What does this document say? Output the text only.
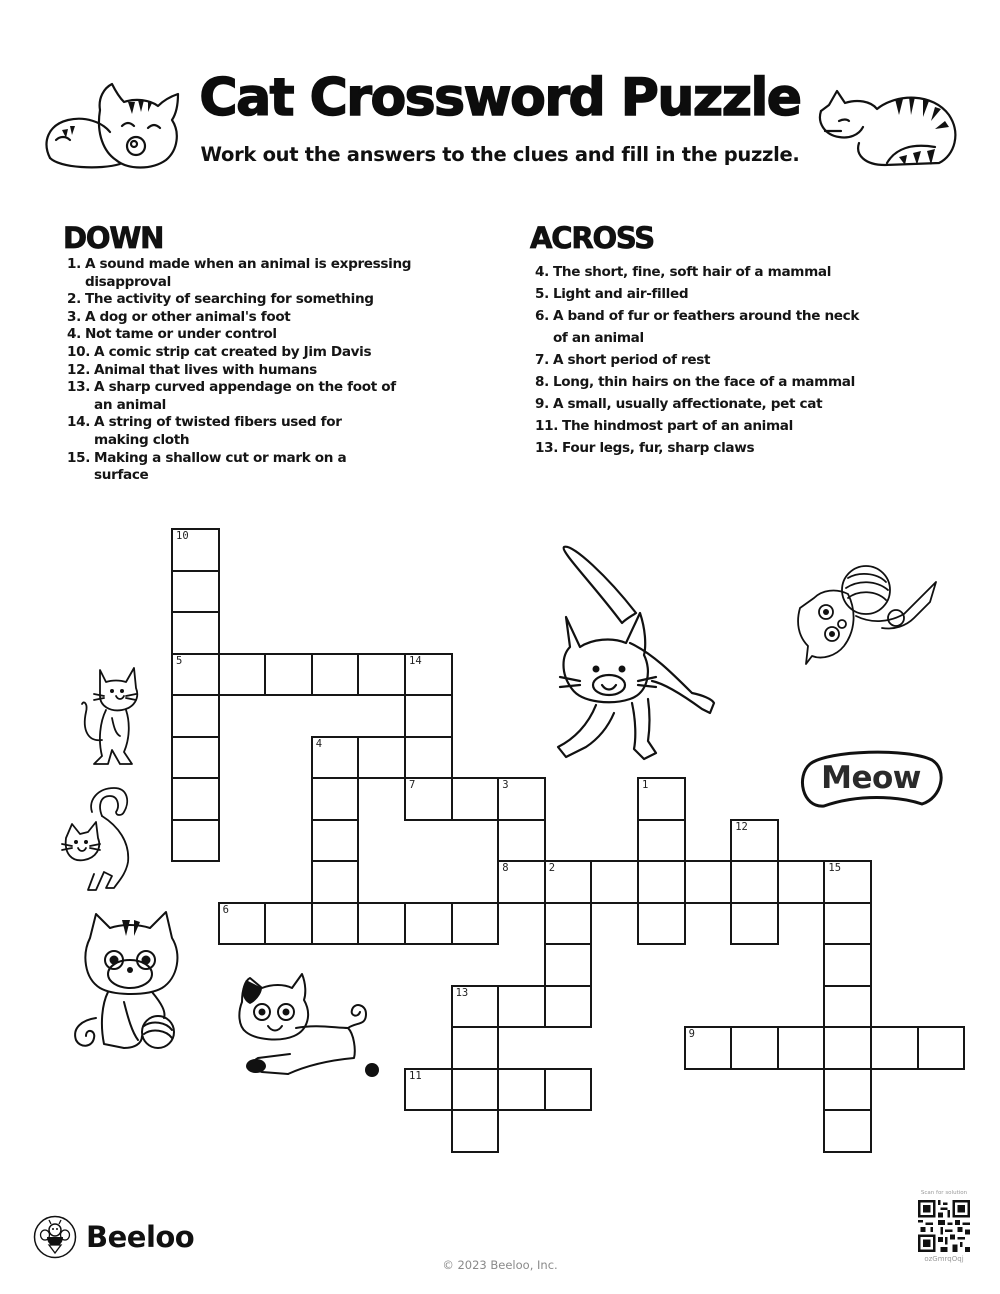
Cat Crossword Puzzle
Work out the answers to the clues and fill in the puzzle.
DOWN
1. A sound made when an animal is expressing disapproval
2. The activity of searching for something
3. A dog or other animal's foot
4. Not tame or under control
10. A comic strip cat created by Jim Davis
12. Animal that lives with humans
13. A sharp curved appendage on the foot of an animal
14. A string of twisted fibers used for making cloth
15. Making a shallow cut or mark on a surface
ACROSS
4. The short, fine, soft hair of a mammal
5. Light and air-filled
6. A band of fur or feathers around the neck of an animal
7. A short period of rest
8. Long, thin hairs on the face of a mammal
9. A small, usually affectionate, pet cat
11. The hindmost part of an animal
13. Four legs, fur, sharp claws
10
5	14
4
7	3	1
12
8	2	15
6
13
9
11
Meow
Beeloo
© 2023 Beeloo, Inc.
Scan for solution
ozGmrqOqj
